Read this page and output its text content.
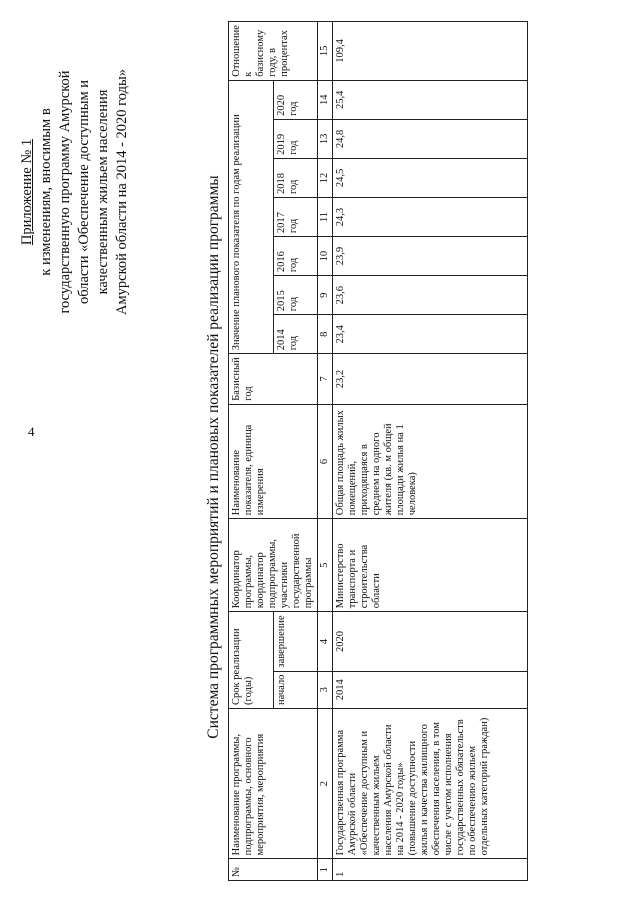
4
Приложение № 1 к изменениям, вносимым в государственную программу Амурской области «Обеспечение доступным и качественным жильем населения Амурской области на 2014 - 2020 годы»	Система программных мероприятий и плановых показателей реализации программы
№	Наименование программы, подпрограммы, основного мероприятия, мероприятия	Срок реализации (годы)		Координатор программы, координатор подпрограммы, участники государственной программы	Наименование показателя, единица измерения	Базисный год	Значение планового показателя по годам реализации							Отношение к базисному году, в процентах
		начало	завершение				2014 год	2015 год	2016 год	2017 год	2018 год	2019 год	2020 год	
1	2	3	4	5	6	7	8	9	10	11	12	13	14	15
1	Государственная программа Амурской области «Обеспечение доступным и качественным жильем населения Амурской области на 2014 - 2020 годы» (повышение доступности жилья и качества жилищного обеспечения населения, в том числе с учетом исполнения государственных обязательств по обеспечению жильем отдельных категорий граждан)	2014	2020	Министерство транспорта и строительства области	Общая площадь жилых помещений, приходящаяся в среднем на одного жителя (кв. м общей площади жилья на 1 человека)	23,2	23,4	23,6	23,9	24,3	24,5	24,8	25,4	109,4
